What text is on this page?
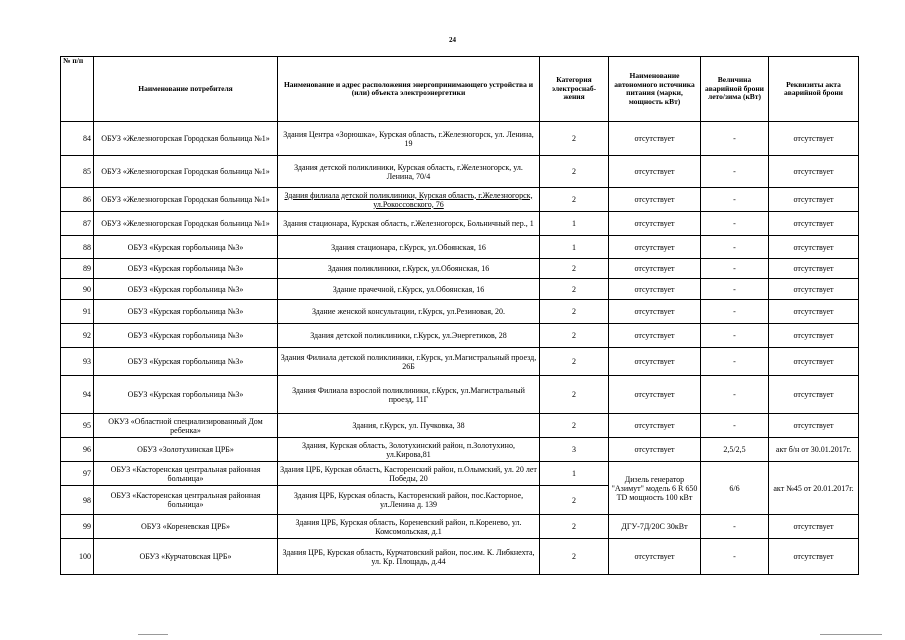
24
№ п/п	Наименование потребителя	Наименование и адрес расположения энергопринимающего устройства и (или) объекта электроэнергетики	Категория электроснаб-жения	Наименование автономного источника питания (марки, мощность кВт)	Величина аварийной брони лето/зима (кВт)	Реквизиты акта аварийной брони
84	ОБУЗ «Железногорская Городская больница №1»	Здания Центра «Зорюшка», Курская область, г.Железногорск, ул. Ленина, 19	2	отсутствует	-	отсутствует
85	ОБУЗ «Железногорская Городская больница №1»	Здания детской поликлиники, Курская область, г.Железногорск, ул. Ленина, 70/4	2	отсутствует	-	отсутствует
86	ОБУЗ «Железногорская Городская больница №1»	Здания филиала детской поликлиники, Курская область, г.Железногорск, ул.Рокоссовского, 76	2	отсутствует	-	отсутствует
87	ОБУЗ «Железногорская Городская больница №1»	Здания стационара, Курская область, г.Железногорск, Больничный пер., 1	1	отсутствует	-	отсутствует
88	ОБУЗ «Курская горбольница №3»	Здания стационара, г.Курск, ул.Обоянская, 16	1	отсутствует	-	отсутствует
89	ОБУЗ «Курская горбольница №3»	Здания поликлиники, г.Курск, ул.Обоянская, 16	2	отсутствует	-	отсутствует
90	ОБУЗ «Курская горбольница №3»	Здание прачечной, г.Курск, ул.Обоянская, 16	2	отсутствует	-	отсутствует
91	ОБУЗ «Курская горбольница №3»	Здание женской консультации, г.Курск, ул.Резиновая, 20.	2	отсутствует	-	отсутствует
92	ОБУЗ «Курская горбольница №3»	Здания детской поликлиники, г.Курск, ул.Энергетиков, 28	2	отсутствует	-	отсутствует
93	ОБУЗ «Курская горбольница №3»	Здания Филиала детской поликлиники, г.Курск, ул.Магистральный проезд, 26Б	2	отсутствует	-	отсутствует
94	ОБУЗ «Курская горбольница №3»	Здания Филиала взрослой поликлиники, г.Курск, ул.Магистральный проезд, 11Г	2	отсутствует	-	отсутствует
95	ОКУЗ «Областной специализированный Дом ребенка»	Здания, г.Курск, ул. Пучковка, 38	2	отсутствует	-	отсутствует
96	ОБУЗ «Золотухинская ЦРБ»	Здания, Курская область, Золотухинский район, п.Золотухино, ул.Кирова,81	3	отсутствует	2,5/2,5	акт б/н от 30.01.2017г.
97	ОБУЗ «Касторенская центральная районная больница»	Здания ЦРБ, Курская область, Касторенский район, п.Олымский, ул. 20 лет Победы, 20	1	Дизель генератор "Азимут" модель 6 R 650 TD мощность 100 кВт	6/6	акт №45 от 20.01.2017г.
98	ОБУЗ «Касторенская центральная районная больница»	Здания ЦРБ, Курская область, Касторенский район, пос.Касторное, ул.Ленина д. 139	2			
99	ОБУЗ «Кореневская ЦРБ»	Здания ЦРБ, Курская область, Кореневский район, п.Коренево, ул. Комсомольская, д.1	2	ДГУ-7Д/20С 30кВт	-	отсутствует
100	ОБУЗ «Курчатовская ЦРБ»	Здания ЦРБ, Курская область, Курчатовский район, пос.им. К. Либкнехта, ул. Кр. Площадь, д.44	2	отсутствует	-	отсутствует
